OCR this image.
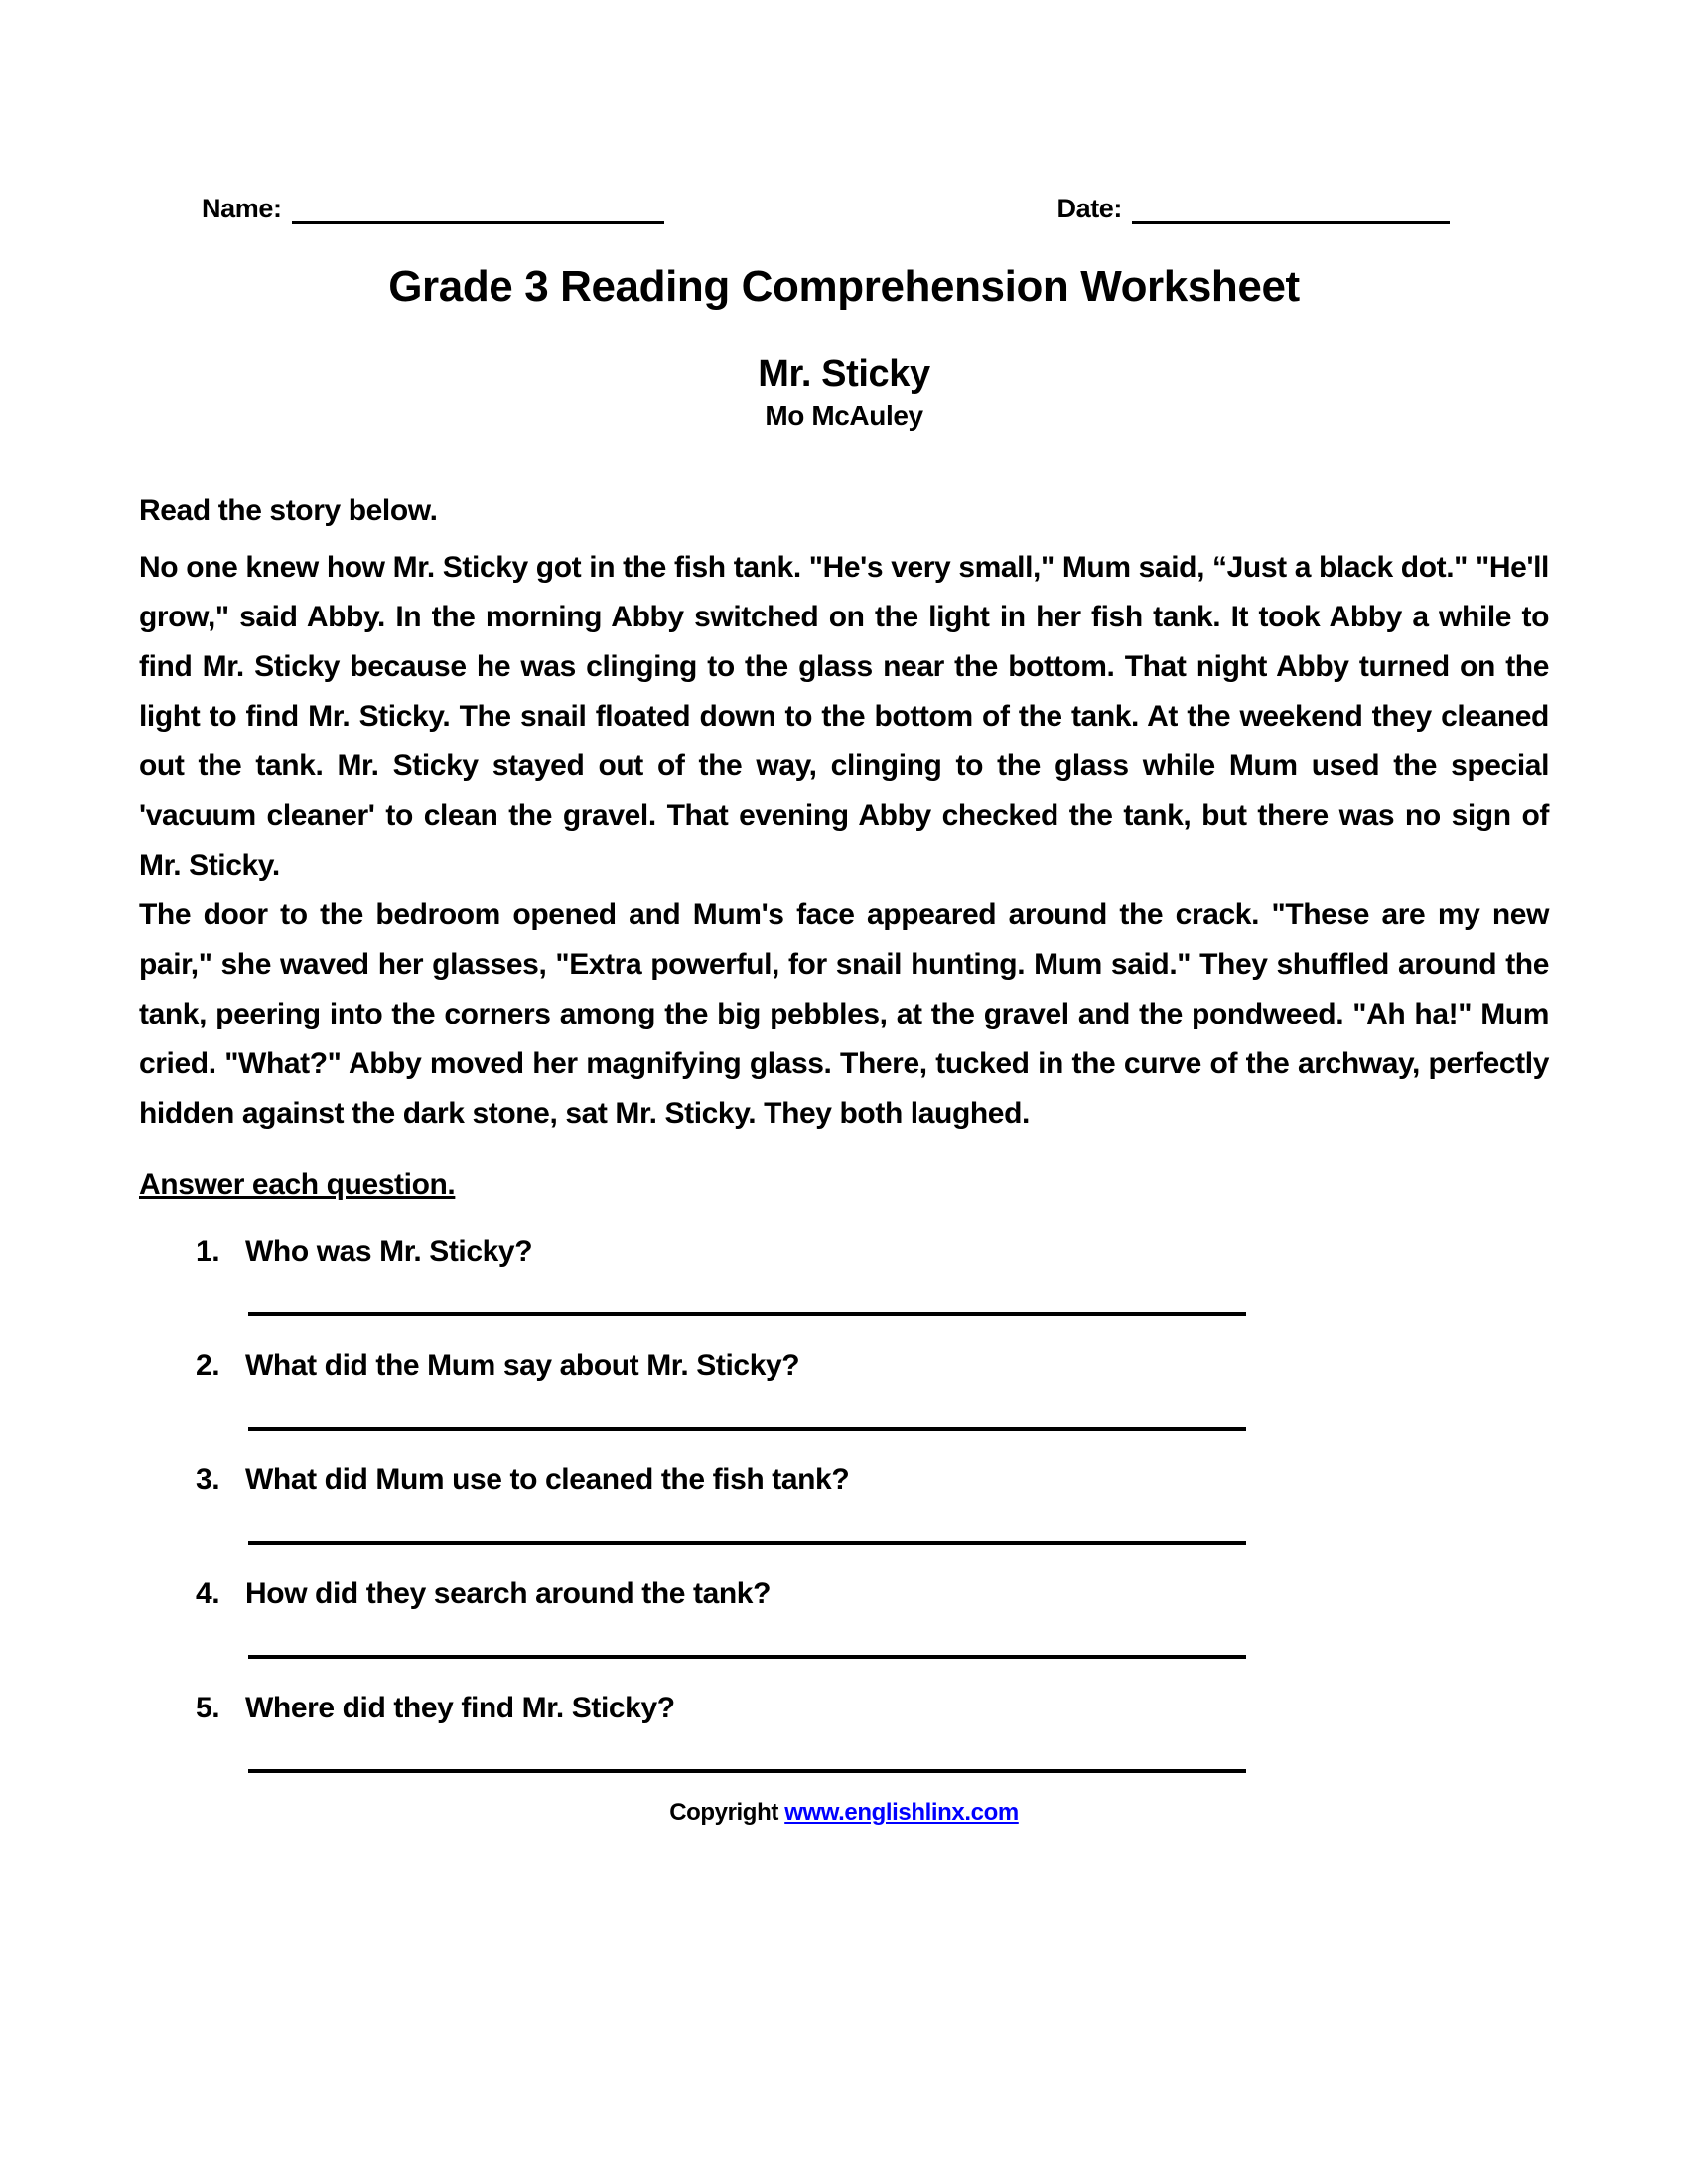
Name:	Date:
Grade 3 Reading Comprehension Worksheet
Mr. Sticky
Mo McAuley

Read the story below.

No one knew how Mr. Sticky got in the fish tank. "He's very small," Mum said, “Just a black dot." "He'll grow," said Abby. In the morning Abby switched on the light in her fish tank. It took Abby a while to find Mr. Sticky because he was clinging to the glass near the bottom. That night Abby turned on the light to find Mr. Sticky. The snail floated down to the bottom of the tank. At the weekend they cleaned out the tank. Mr. Sticky stayed out of the way, clinging to the glass while Mum used the special 'vacuum cleaner' to clean the gravel. That evening Abby checked the tank, but there was no sign of Mr. Sticky.

The door to the bedroom opened and Mum's face appeared around the crack. "These are my new pair," she waved her glasses, "Extra powerful, for snail hunting. Mum said." They shuffled around the tank, peering into the corners among the big pebbles, at the gravel and the pondweed. "Ah ha!" Mum cried. "What?" Abby moved her magnifying glass. There, tucked in the curve of the archway, perfectly hidden against the dark stone, sat Mr. Sticky. They both laughed.

Answer each question.

1. Who was Mr. Sticky?
2. What did the Mum say about Mr. Sticky?
3. What did Mum use to cleaned the fish tank?
4. How did they search around the tank?
5. Where did they find Mr. Sticky?
Copyright www.englishlinx.com
